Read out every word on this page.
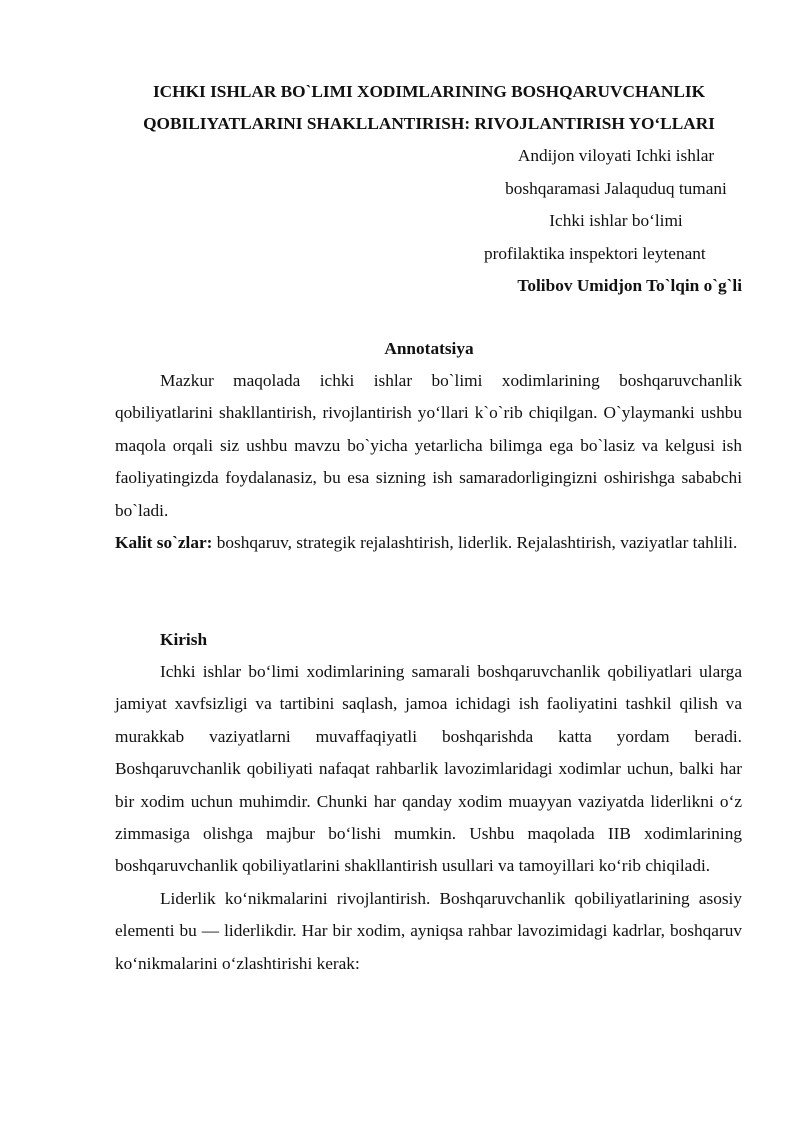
ICHKI ISHLAR BO`LIMI XODIMLARINING BOSHQARUVCHANLIK
QOBILIYATLARINI SHAKLLANTIRISH: RIVOJLANTIRISH YO‘LLARI
Andijon viloyati Ichki ishlar
boshqaramasi Jalaquduq tumani
Ichki ishlar bo‘limi
profilaktika inspektori leytenant
Tolibov Umidjon To`lqin o`g`li
Annotatsiya

Mazkur maqolada ichki ishlar bo`limi xodimlarining boshqaruvchanlik qobiliyatlarini shakllantirish, rivojlantirish yo‘llari k`o`rib chiqilgan. O`ylaymanki ushbu maqola orqali siz ushbu mavzu bo`yicha yetarlicha bilimga ega bo`lasiz va kelgusi ish faoliyatingizda foydalanasiz, bu esa sizning ish samaradorligingizni oshirishga sababchi bo`ladi.

Kalit so`zlar: boshqaruv, strategik rejalashtirish, liderlik. Rejalashtirish, vaziyatlar tahlili.
Kirish

Ichki ishlar bo‘limi xodimlarining samarali boshqaruvchanlik qobiliyatlari ularga jamiyat xavfsizligi va tartibini saqlash, jamoa ichidagi ish faoliyatini tashkil qilish va murakkab vaziyatlarni muvaffaqiyatli boshqarishda katta yordam beradi. Boshqaruvchanlik qobiliyati nafaqat rahbarlik lavozimlaridagi xodimlar uchun, balki har bir xodim uchun muhimdir. Chunki har qanday xodim muayyan vaziyatda liderlikni o‘z zimmasiga olishga majbur bo‘lishi mumkin. Ushbu maqolada IIB xodimlarining boshqaruvchanlik qobiliyatlarini shakllantirish usullari va tamoyillari ko‘rib chiqiladi.

Liderlik ko‘nikmalarini rivojlantirish. Boshqaruvchanlik qobiliyatlarining asosiy elementi bu — liderlikdir. Har bir xodim, ayniqsa rahbar lavozimidagi kadrlar, boshqaruv ko‘nikmalarini o‘zlashtirishi kerak:
